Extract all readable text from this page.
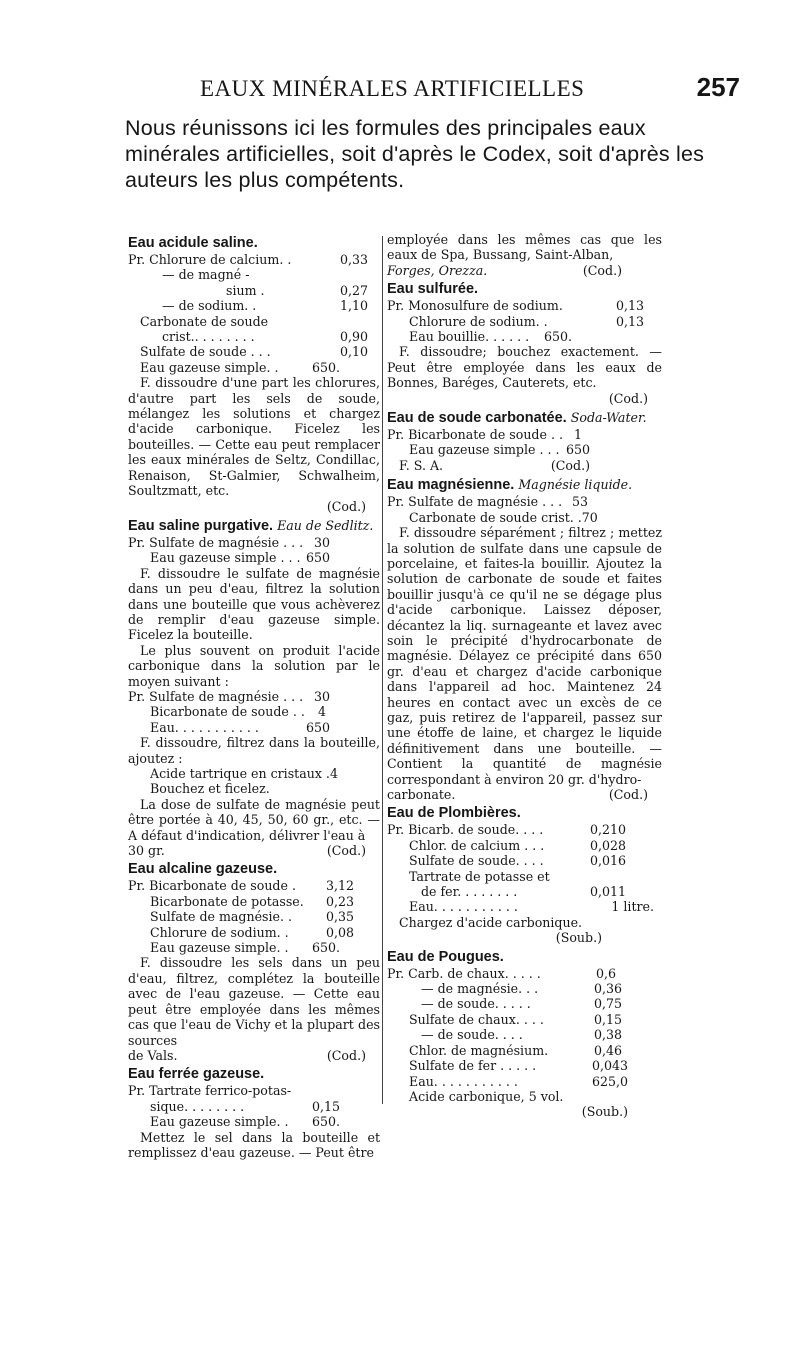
EAUX MINÉRALES ARTIFICIELLES	257
Nous réunissons ici les formules des principales eaux minérales artificielles, soit d'après le Codex, soit d'après les auteurs les plus compétents.
Eau acidule saline.
Pr. Chlorure de calcium. .	0,33
— de magné -
sium .	0,27
— de sodium. .	1,10
Carbonate de soude
crist.. . . . . . . .	0,90
Sulfate de soude . . .	0,10
Eau gazeuse simple. .	650.
F. dissoudre d'une part les chlorures, d'autre part les sels de soude, mélangez les solutions et chargez d'acide carbonique. Ficelez les bouteilles. — Cette eau peut remplacer les eaux minérales de Seltz, Condillac, Renaison, St-Galmier, Schwalheim, Soultzmatt, etc.
(Cod.)
Eau saline purgative. Eau de Sedlitz.
Pr. Sulfate de magnésie . . . 30
Eau gazeuse simple . . . 650
F. dissoudre le sulfate de magnésie dans un peu d'eau, filtrez la solution dans une bouteille que vous achèverez de remplir d'eau gazeuse simple. Ficelez la bouteille.
Le plus souvent on produit l'acide carbonique dans la solution par le moyen suivant :
Pr. Sulfate de magnésie . . . 30
Bicarbonate de soude . . 4
Eau. . . . . . . . . . .	650
F. dissoudre, filtrez dans la bouteille, ajoutez :
Acide tartrique en cristaux . 4
Bouchez et ficelez.
La dose de sulfate de magnésie peut être portée à 40, 45, 50, 60 gr., etc. — A défaut d'indication, délivrer l'eau à
30 gr.	(Cod.)
Eau alcaline gazeuse.
Pr. Bicarbonate de soude . 3,12
Bicarbonate de potasse. 0,23
Sulfate de magnésie. .	0,35
Chlorure de sodium. .	0,08
Eau gazeuse simple. . 650.
F. dissoudre les sels dans un peu d'eau, filtrez, complétez la bouteille avec de l'eau gazeuse. — Cette eau peut être employée dans les mêmes cas que l'eau de Vichy et la plupart des sources
de Vals.	(Cod.)
Eau ferrée gazeuse.
Pr. Tartrate ferrico-potas-
sique. . . . . . . .	0,15
Eau gazeuse simple. . 650.
Mettez le sel dans la bouteille et remplissez d'eau gazeuse. — Peut être
employée dans les mêmes cas que les eaux de Spa, Bussang, Saint-Alban,
Forges, Orezza.	(Cod.)
Eau sulfurée.
Pr. Monosulfure de sodium.	0,13
Chlorure de sodium. .	0,13
Eau bouillie. . . . . . 650.
F. dissoudre; bouchez exactement. — Peut être employée dans les eaux de Bonnes, Baréges, Cauterets, etc.
(Cod.)
Eau de soude carbonatée. Soda-Water.
Pr. Bicarbonate de soude . . 1
Eau gazeuse simple . . . 650
F. S. A.	(Cod.)
Eau magnésienne. Magnésie liquide.
Pr. Sulfate de magnésie . . . 53
Carbonate de soude crist. . 70
F. dissoudre séparément ; filtrez ; mettez la solution de sulfate dans une capsule de porcelaine, et faites-la bouillir. Ajoutez la solution de carbonate de soude et faites bouillir jusqu'à ce qu'il ne se dégage plus d'acide carbonique. Laissez déposer, décantez la liq. surnageante et lavez avec soin le précipité d'hydrocarbonate de magnésie. Délayez ce précipité dans 650 gr. d'eau et chargez d'acide carbonique dans l'appareil ad hoc. Maintenez 24 heures en contact avec un excès de ce gaz, puis retirez de l'appareil, passez sur une étoffe de laine, et chargez le liquide définitivement dans une bouteille. — Contient la quantité de magnésie correspondant à environ 20 gr. d'hydro-
carbonate.	(Cod.)
Eau de Plombières.
Pr. Bicarb. de soude. . . .	0,210
Chlor. de calcium . . .	0,028
Sulfate de soude. . . .	0,016
Tartrate de potasse et
de fer. . . . . . . .	0,011
Eau. . . . . . . . . . .	1 litre.
Chargez d'acide carbonique.
(Soub.)
Eau de Pougues.
Pr. Carb. de chaux. . . . .	0,6
— de magnésie. . .	0,36
— de soude. . . . .	0,75
Sulfate de chaux. . . .	0,15
— de soude. . . .	0,38
Chlor. de magnésium.	0,46
Sulfate de fer . . . . .	0,043
Eau. . . . . . . . . . .	625,0
Acide carbonique, 5 vol.
(Soub.)
